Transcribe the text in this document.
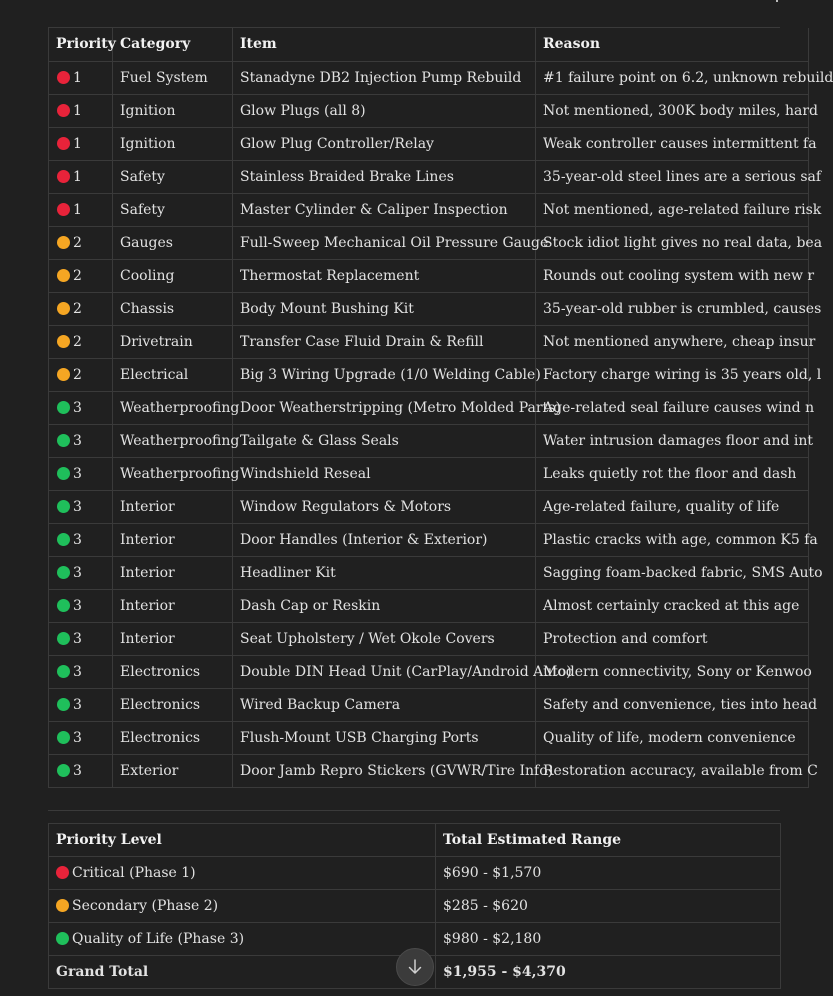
Priority	Category	Item	Reason
1	Fuel System	Stanadyne DB2 Injection Pump Rebuild	#1 failure point on 6.2, unknown rebuild
1	Ignition	Glow Plugs (all 8)	Not mentioned, 300K body miles, hard
1	Ignition	Glow Plug Controller/Relay	Weak controller causes intermittent fa
1	Safety	Stainless Braided Brake Lines	35-year-old steel lines are a serious saf
1	Safety	Master Cylinder & Caliper Inspection	Not mentioned, age-related failure risk
2	Gauges	Full-Sweep Mechanical Oil Pressure Gauge	Stock idiot light gives no real data, bea
2	Cooling	Thermostat Replacement	Rounds out cooling system with new r
2	Chassis	Body Mount Bushing Kit	35-year-old rubber is crumbled, causes
2	Drivetrain	Transfer Case Fluid Drain & Refill	Not mentioned anywhere, cheap insur
2	Electrical	Big 3 Wiring Upgrade (1/0 Welding Cable)	Factory charge wiring is 35 years old, l
3	Weatherproofing	Door Weatherstripping (Metro Molded Parts)	Age-related seal failure causes wind n
3	Weatherproofing	Tailgate & Glass Seals	Water intrusion damages floor and int
3	Weatherproofing	Windshield Reseal	Leaks quietly rot the floor and dash
3	Interior	Window Regulators & Motors	Age-related failure, quality of life
3	Interior	Door Handles (Interior & Exterior)	Plastic cracks with age, common K5 fa
3	Interior	Headliner Kit	Sagging foam-backed fabric, SMS Auto
3	Interior	Dash Cap or Reskin	Almost certainly cracked at this age
3	Interior	Seat Upholstery / Wet Okole Covers	Protection and comfort
3	Electronics	Double DIN Head Unit (CarPlay/Android Auto)	Modern connectivity, Sony or Kenwoo
3	Electronics	Wired Backup Camera	Safety and convenience, ties into head
3	Electronics	Flush-Mount USB Charging Ports	Quality of life, modern convenience
3	Exterior	Door Jamb Repro Stickers (GVWR/Tire Info)	Restoration accuracy, available from C
Priority Level	Total Estimated Range
Critical (Phase 1)	$690 - $1,570
Secondary (Phase 2)	$285 - $620
Quality of Life (Phase 3)	$980 - $2,180
Grand Total	$1,955 - $4,370
